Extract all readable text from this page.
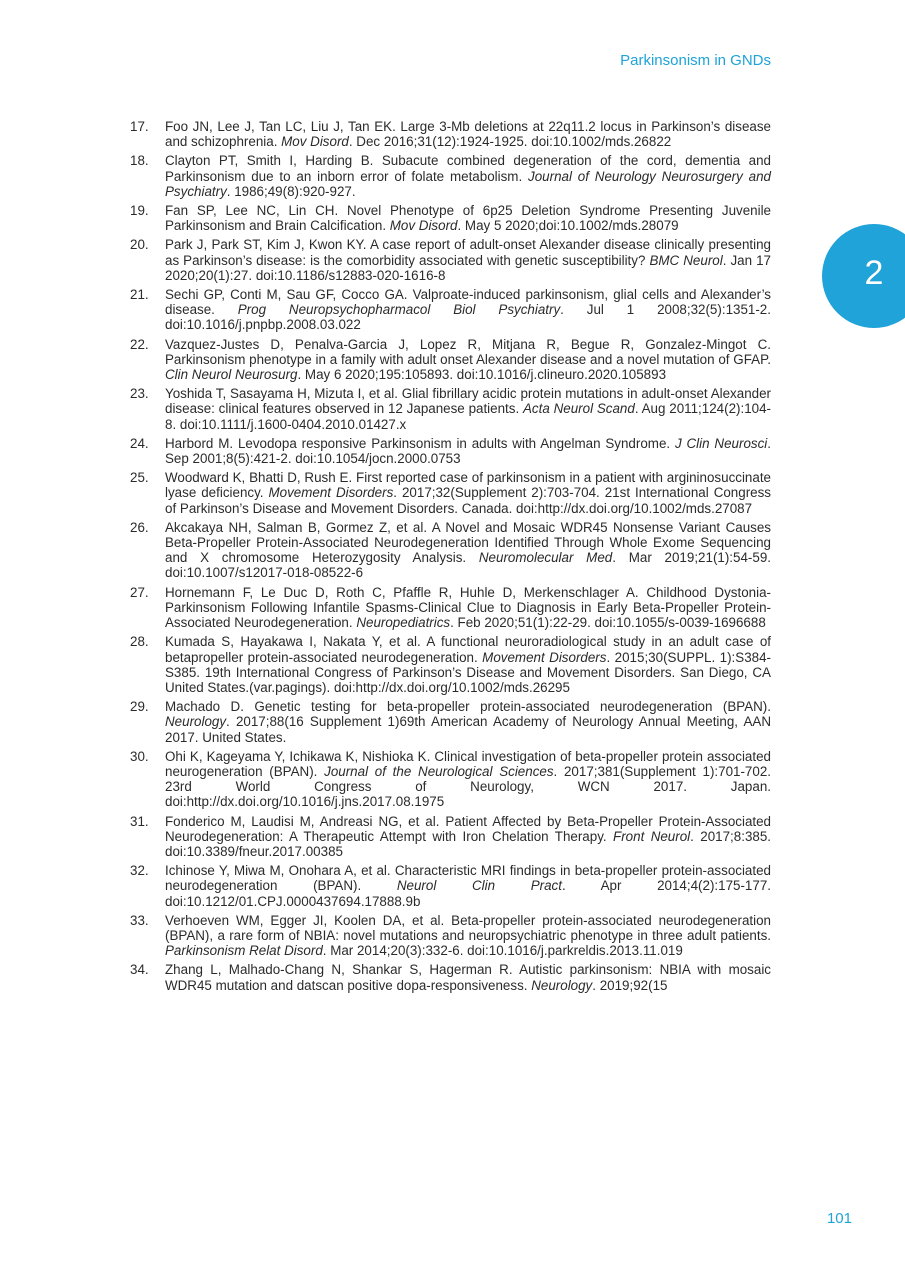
Parkinsonism in GNDs
2
17.	Foo JN, Lee J, Tan LC, Liu J, Tan EK. Large 3-Mb deletions at 22q11.2 locus in Parkinson’s disease and schizophrenia. Mov Disord. Dec 2016;31(12):1924-1925. doi:10.1002/mds.26822
18.	Clayton PT, Smith I, Harding B. Subacute combined degeneration of the cord, dementia and Parkinsonism due to an inborn error of folate metabolism. Journal of Neurology Neurosurgery and Psychiatry. 1986;49(8):920-927.
19.	Fan SP, Lee NC, Lin CH. Novel Phenotype of 6p25 Deletion Syndrome Presenting Juvenile Parkinsonism and Brain Calcification. Mov Disord. May 5 2020;doi:10.1002/mds.28079
20.	Park J, Park ST, Kim J, Kwon KY. A case report of adult-onset Alexander disease clinically presenting as Parkinson’s disease: is the comorbidity associated with genetic susceptibility? BMC Neurol. Jan 17 2020;20(1):27. doi:10.1186/s12883-020-1616-8
21.	Sechi GP, Conti M, Sau GF, Cocco GA. Valproate-induced parkinsonism, glial cells and Alexander’s disease. Prog Neuropsychopharmacol Biol Psychiatry. Jul 1 2008;32(5):1351-2. doi:10.1016/j.pnpbp.2008.03.022
22.	Vazquez-Justes D, Penalva-Garcia J, Lopez R, Mitjana R, Begue R, Gonzalez-Mingot C. Parkinsonism phenotype in a family with adult onset Alexander disease and a novel mutation of GFAP. Clin Neurol Neurosurg. May 6 2020;195:105893. doi:10.1016/j.clineuro.2020.105893
23.	Yoshida T, Sasayama H, Mizuta I, et al. Glial fibrillary acidic protein mutations in adult-onset Alexander disease: clinical features observed in 12 Japanese patients. Acta Neurol Scand. Aug 2011;124(2):104-8. doi:10.1111/j.1600-0404.2010.01427.x
24.	Harbord M. Levodopa responsive Parkinsonism in adults with Angelman Syndrome. J Clin Neurosci. Sep 2001;8(5):421-2. doi:10.1054/jocn.2000.0753
25.	Woodward K, Bhatti D, Rush E. First reported case of parkinsonism in a patient with argininosuccinate lyase deficiency. Movement Disorders. 2017;32(Supplement 2):703-704. 21st International Congress of Parkinson’s Disease and Movement Disorders. Canada. doi:http://dx.doi.org/10.1002/mds.27087
26.	Akcakaya NH, Salman B, Gormez Z, et al. A Novel and Mosaic WDR45 Nonsense Variant Causes Beta-Propeller Protein-Associated Neurodegeneration Identified Through Whole Exome Sequencing and X chromosome Heterozygosity Analysis. Neuromolecular Med. Mar 2019;21(1):54-59. doi:10.1007/s12017-018-08522-6
27.	Hornemann F, Le Duc D, Roth C, Pfaffle R, Huhle D, Merkenschlager A. Childhood Dystonia-Parkinsonism Following Infantile Spasms-Clinical Clue to Diagnosis in Early Beta-Propeller Protein-Associated Neurodegeneration. Neuropediatrics. Feb 2020;51(1):22-29. doi:10.1055/s-0039-1696688
28.	Kumada S, Hayakawa I, Nakata Y, et al. A functional neuroradiological study in an adult case of betapropeller protein-associated neurodegeneration. Movement Disorders. 2015;30(SUPPL. 1):S384-S385. 19th International Congress of Parkinson’s Disease and Movement Disorders. San Diego, CA United States.(var.pagings). doi:http://dx.doi.org/10.1002/mds.26295
29.	Machado D. Genetic testing for beta-propeller protein-associated neurodegeneration (BPAN). Neurology. 2017;88(16 Supplement 1)69th American Academy of Neurology Annual Meeting, AAN 2017. United States.
30.	Ohi K, Kageyama Y, Ichikawa K, Nishioka K. Clinical investigation of beta-propeller protein associated neurogeneration (BPAN). Journal of the Neurological Sciences. 2017;381(Supplement 1):701-702. 23rd World Congress of Neurology, WCN 2017. Japan. doi:http://dx.doi.org/10.1016/j.jns.2017.08.1975
31.	Fonderico M, Laudisi M, Andreasi NG, et al. Patient Affected by Beta-Propeller Protein-Associated Neurodegeneration: A Therapeutic Attempt with Iron Chelation Therapy. Front Neurol. 2017;8:385. doi:10.3389/fneur.2017.00385
32.	Ichinose Y, Miwa M, Onohara A, et al. Characteristic MRI findings in beta-propeller protein-associated neurodegeneration (BPAN). Neurol Clin Pract. Apr 2014;4(2):175-177. doi:10.1212/01.CPJ.0000437694.17888.9b
33.	Verhoeven WM, Egger JI, Koolen DA, et al. Beta-propeller protein-associated neurodegeneration (BPAN), a rare form of NBIA: novel mutations and neuropsychiatric phenotype in three adult patients. Parkinsonism Relat Disord. Mar 2014;20(3):332-6. doi:10.1016/j.parkreldis.2013.11.019
34.	Zhang L, Malhado-Chang N, Shankar S, Hagerman R. Autistic parkinsonism: NBIA with mosaic WDR45 mutation and datscan positive dopa-responsiveness. Neurology. 2019;92(15
101
